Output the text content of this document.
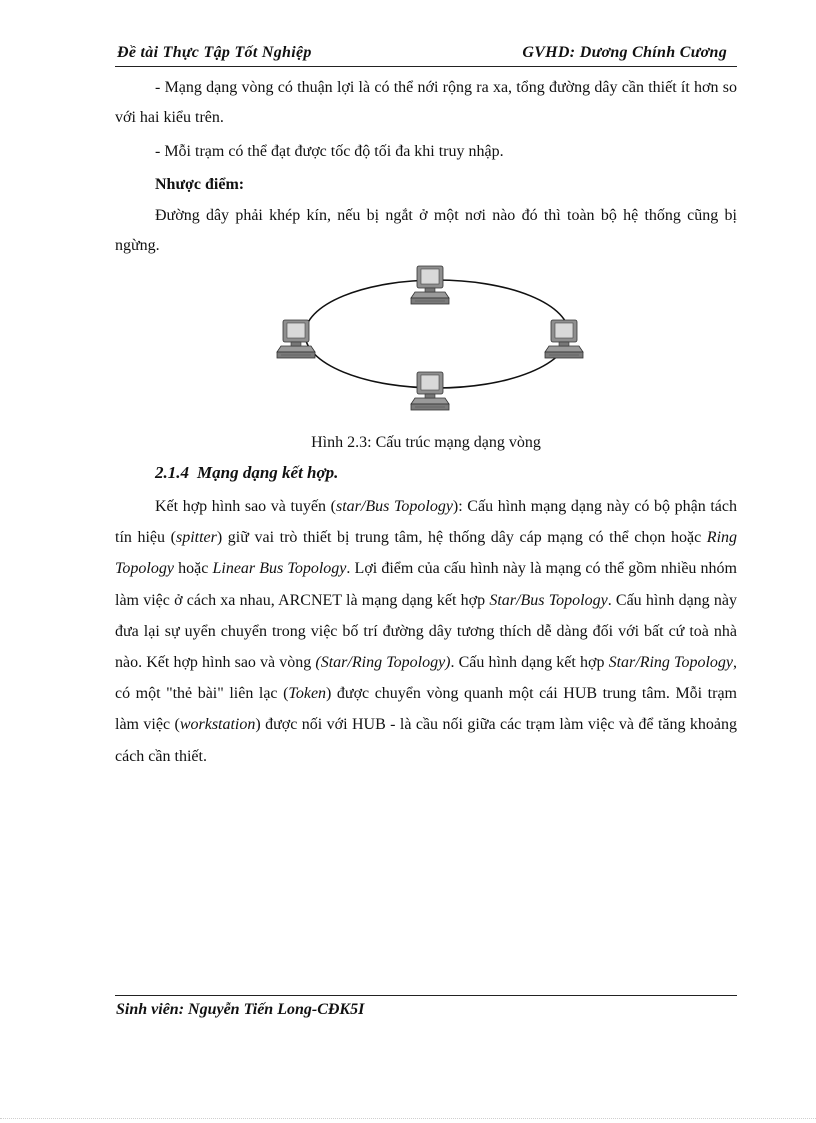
Đề tài Thực Tập Tốt Nghiệp	GVHD: Dương Chính Cương

- Mạng dạng vòng có thuận lợi là có thể nới rộng ra xa, tổng đường dây cần thiết ít hơn so với hai kiểu trên.

- Mỗi trạm có thể đạt được tốc độ tối đa khi truy nhập.

Nhược điểm:

Đường dây phải khép kín, nếu bị ngắt ở một nơi nào đó thì toàn bộ hệ thống cũng bị ngừng.

Hình 2.3: Cấu trúc mạng dạng vòng
2.1.4 Mạng dạng kết hợp.

Kết hợp hình sao và tuyến (star/Bus Topology): Cấu hình mạng dạng này có bộ phận tách tín hiệu (spitter) giữ vai trò thiết bị trung tâm, hệ thống dây cáp mạng có thể chọn hoặc Ring Topology hoặc Linear Bus Topology. Lợi điểm của cấu hình này là mạng có thể gồm nhiều nhóm làm việc ở cách xa nhau, ARCNET là mạng dạng kết hợp Star/Bus Topology. Cấu hình dạng này đưa lại sự uyển chuyển trong việc bố trí đường dây tương thích dễ dàng đối với bất cứ toà nhà nào. Kết hợp hình sao và vòng (Star/Ring Topology). Cấu hình dạng kết hợp Star/Ring Topology, có một "thẻ bài" liên lạc (Token) được chuyển vòng quanh một cái HUB trung tâm. Mỗi trạm làm việc (workstation) được nối với HUB - là cầu nối giữa các trạm làm việc và để tăng khoảng cách cần thiết.

Sinh viên: Nguyễn Tiến Long-CĐK5I
